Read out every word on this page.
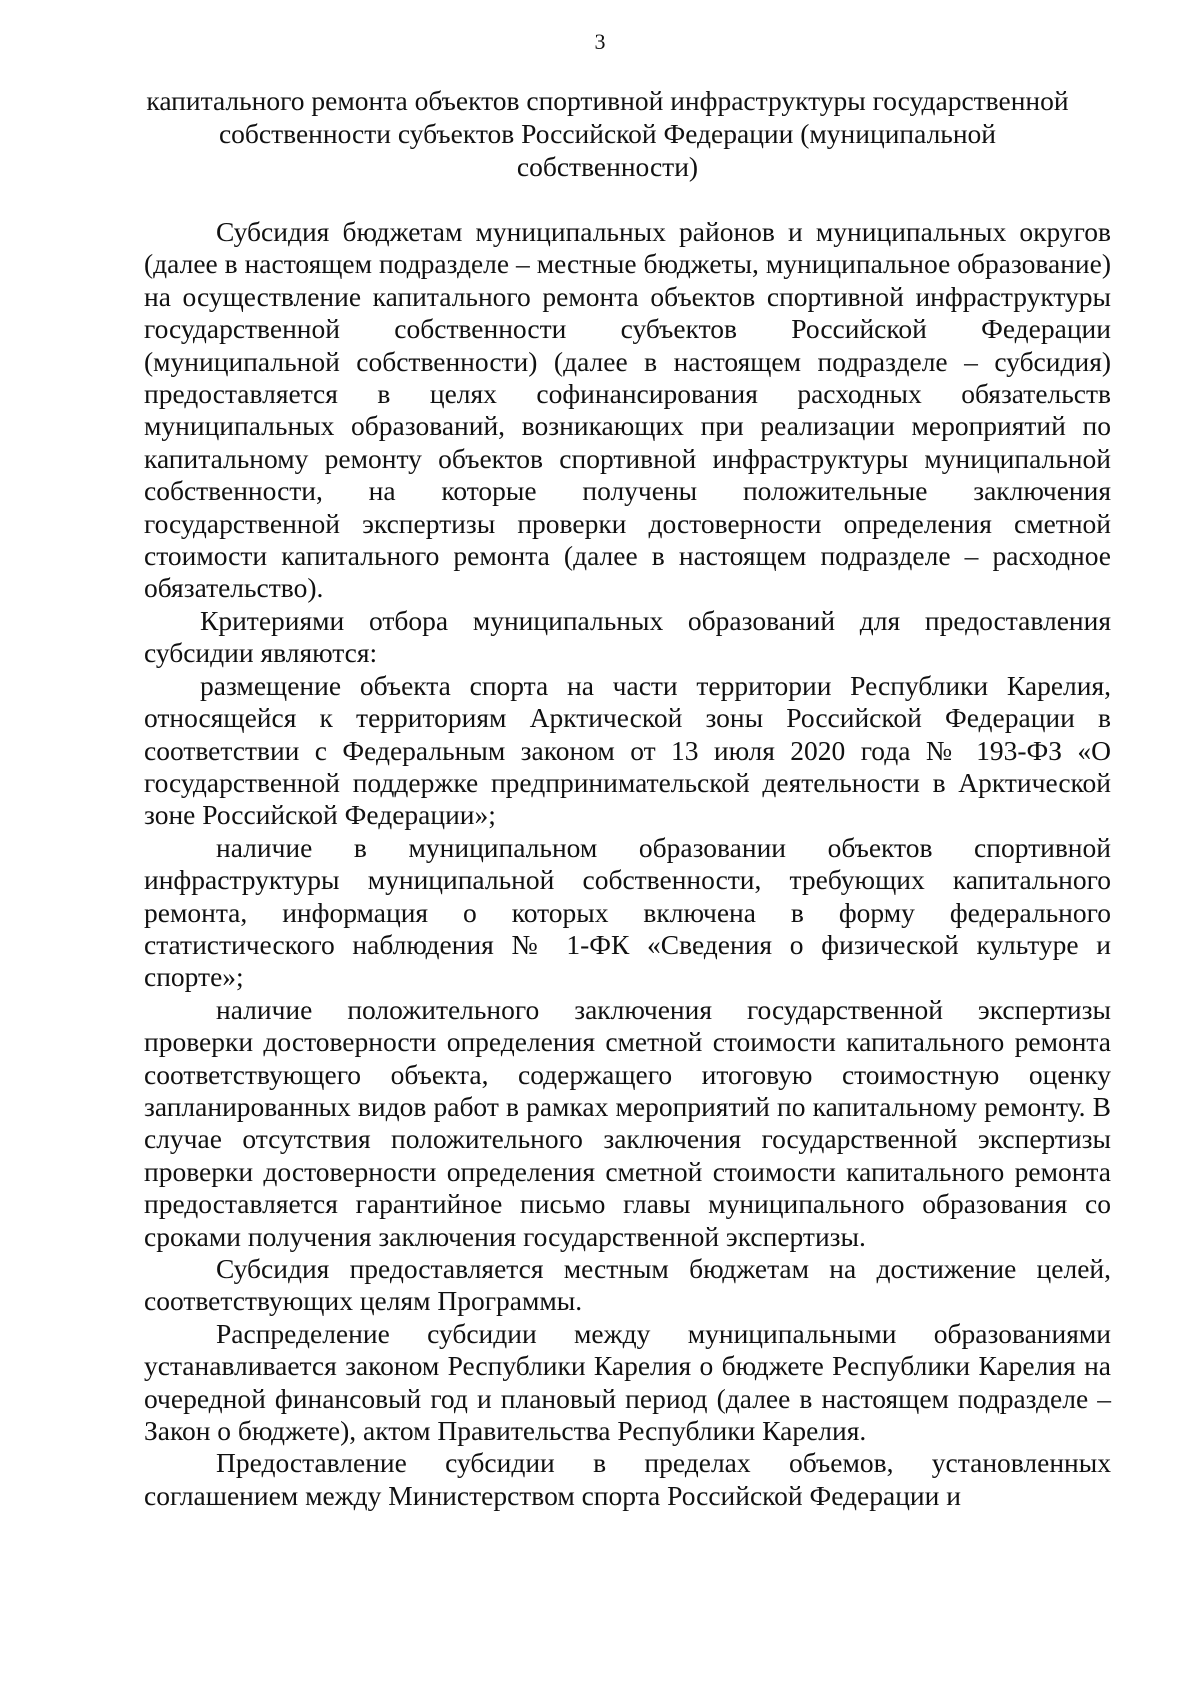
3
капитального ремонта объектов спортивной инфраструктуры государственной
собственности субъектов Российской Федерации (муниципальной
собственности)

Субсидия бюджетам муниципальных районов и муниципальных округов (далее в настоящем подразделе – местные бюджеты, муниципальное образование) на осуществление капитального ремонта объектов спортивной инфраструктуры государственной собственности субъектов Российской Федерации (муниципальной собственности) (далее в настоящем подразделе – субсидия) предоставляется в целях софинансирования расходных обязательств муниципальных образований, возникающих при реализации мероприятий по капитальному ремонту объектов спортивной инфраструктуры муниципальной собственности, на которые получены положительные заключения государственной экспертизы проверки достоверности определения сметной стоимости капитального ремонта (далее в настоящем подразделе – расходное обязательство).

Критериями отбора муниципальных образований для предоставления субсидии являются:

размещение объекта спорта на части территории Республики Карелия, относящейся к территориям Арктической зоны Российской Федерации в соответствии с Федеральным законом от 13 июля 2020 года № 193-ФЗ «О государственной поддержке предпринимательской деятельности в Арктической зоне Российской Федерации»;

наличие в муниципальном образовании объектов спортивной инфраструктуры муниципальной собственности, требующих капитального ремонта, информация о которых включена в форму федерального статистического наблюдения № 1-ФК «Сведения о физической культуре и спорте»;

наличие положительного заключения государственной экспертизы проверки достоверности определения сметной стоимости капитального ремонта соответствующего объекта, содержащего итоговую стоимостную оценку запланированных видов работ в рамках мероприятий по капитальному ремонту. В случае отсутствия положительного заключения государственной экспертизы проверки достоверности определения сметной стоимости капитального ремонта предоставляется гарантийное письмо главы муниципального образования со сроками получения заключения государственной экспертизы.

Субсидия предоставляется местным бюджетам на достижение целей, соответствующих целям Программы.

Распределение субсидии между муниципальными образованиями устанавливается законом Республики Карелия о бюджете Республики Карелия на очередной финансовый год и плановый период (далее в настоящем подразделе – Закон о бюджете), актом Правительства Республики Карелия.

Предоставление субсидии в пределах объемов, установленных соглашением между Министерством спорта Российской Федерации и
